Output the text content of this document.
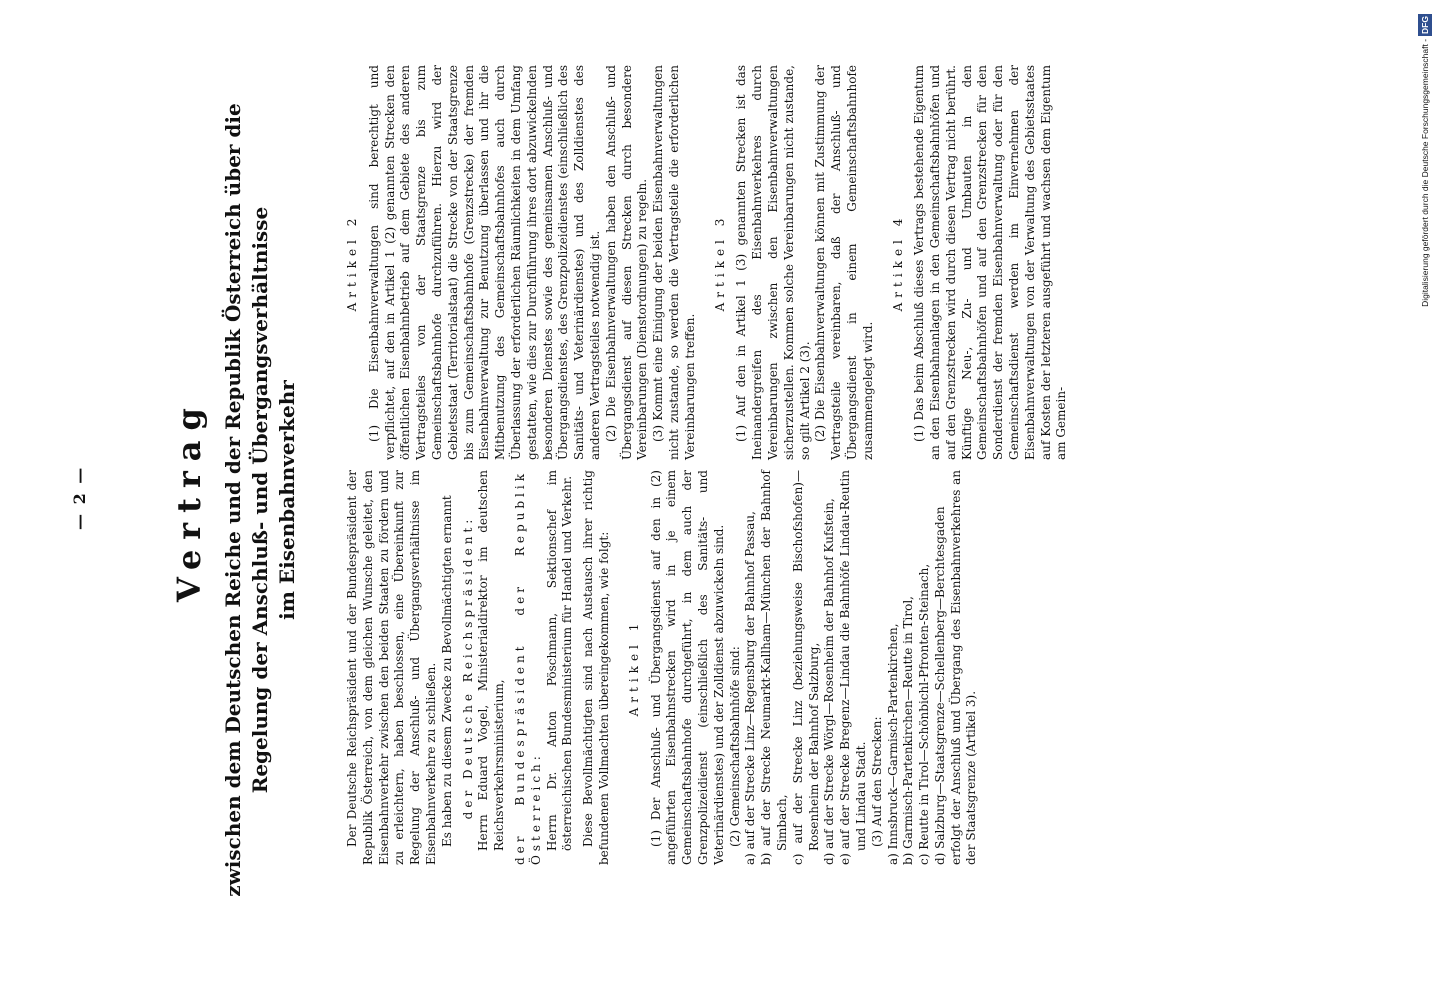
— 2 —	Vertrag zwischen dem Deutschen Reiche und der Republik Österreich über die Regelung der Anschluß- und Übergangsverhältnisse im Eisenbahnverkehr	Der Deutsche Reichspräsident und der Bundespräsident der Republik Österreich, von dem gleichen Wunsche geleitet, den Eisenbahnverkehr zwischen den beiden Staaten zu fördern und zu erleichtern, haben beschlossen, eine Übereinkunft zur Regelung der Anschluß- und Übergangsverhältnisse im Eisenbahnverkehre zu schließen. Es haben zu diesem Zwecke zu Bevollmächtigten ernannt der Deutsche Reichspräsident: Herrn Eduard Vogel, Ministerialdirektor im deutschen Reichsverkehrsministerium, der Bundespräsident der Republik Österreich: Herrn Dr. Anton Pöschmann, Sektionschef im österreichischen Bundesministerium für Handel und Verkehr. Diese Bevollmächtigten sind nach Austausch ihrer richtig befundenen Vollmachten übereingekommen, wie folgt: Artikel 1 (1) Der Anschluß- und Übergangsdienst auf den in (2) angeführten Eisenbahnstrecken wird in je einem Gemeinschaftsbahnhofe durchgeführt, in dem auch der Grenzpolizeidienst (einschließlich des Sanitäts- und Veterinärdienstes) und der Zolldienst abzuwickeln sind. (2) Gemeinschaftsbahnhöfe sind: a) auf der Strecke Linz—Regensburg der Bahnhof Passau, b) auf der Strecke Neumarkt-Kallham—München der Bahnhof Simbach, c) auf der Strecke Linz (beziehungsweise Bischofshofen)—Rosenheim der Bahnhof Salzburg, d) auf der Strecke Wörgl—Rosenheim der Bahnhof Kufstein, e) auf der Strecke Bregenz—Lindau die Bahnhöfe Lindau-Reutin und Lindau Stadt. (3) Auf den Strecken: a) Innsbruck—Garmisch-Partenkirchen, b) Garmisch-Partenkirchen—Reutte in Tirol, c) Reutte in Tirol—Schönbichl-Pfronten-Steinach, d) Salzburg—Staatsgrenze—Schellenberg—Berchtesgaden erfolgt der Anschluß und Übergang des Eisenbahnverkehres an der Staatsgrenze (Artikel 3).

Artikel 2 (1) Die Eisenbahnverwaltungen sind berechtigt und verpflichtet, auf den in Artikel 1 (2) genannten Strecken den öffentlichen Eisenbahnbetrieb auf dem Gebiete des anderen Vertragsteiles von der Staatsgrenze bis zum Gemeinschaftsbahnhofe durchzuführen. Hierzu wird der Gebietsstaat (Territorialstaat) die Strecke von der Staatsgrenze bis zum Gemeinschaftsbahnhofe (Grenzstrecke) der fremden Eisenbahnverwaltung zur Benutzung überlassen und ihr die Mitbenutzung des Gemeinschaftsbahnhofes auch durch Überlassung der erforderlichen Räumlichkeiten in dem Umfang gestatten, wie dies zur Durchführung ihres dort abzuwickelnden besonderen Dienstes sowie des gemeinsamen Anschluß- und Übergangsdienstes, des Grenzpolizeidienstes (einschließlich des Sanitäts- und Veterinärdienstes) und des Zolldienstes des anderen Vertragsteiles notwendig ist. (2) Die Eisenbahnverwaltungen haben den Anschluß- und Übergangsdienst auf diesen Strecken durch besondere Vereinbarungen (Dienstordnungen) zu regeln. (3) Kommt eine Einigung der beiden Eisenbahnverwaltungen nicht zustande, so werden die Vertragsteile die erforderlichen Vereinbarungen treffen.

Artikel 3 (1) Auf den in Artikel 1 (3) genannten Strecken ist das Ineinandergreifen des Eisenbahnverkehres durch Vereinbarungen zwischen den Eisenbahnverwaltungen sicherzustellen. Kommen solche Vereinbarungen nicht zustande, so gilt Artikel 2 (3). (2) Die Eisenbahnverwaltungen können mit Zustimmung der Vertragsteile vereinbaren, daß der Anschluß- und Übergangsdienst in einem Gemeinschaftsbahnhofe zusammengelegt wird.

Artikel 4 (1) Das beim Abschluß dieses Vertrags bestehende Eigentum an den Eisenbahnanlagen in den Gemeinschaftsbahnhöfen und auf den Grenzstrecken wird durch diesen Vertrag nicht berührt. Künftige Neu-, Zu- und Umbauten in den Gemeinschaftsbahnhöfen und auf den Grenzstrecken für den Sonderdienst der fremden Eisenbahnverwaltung oder für den Gemeinschaftsdienst werden im Einvernehmen der Eisenbahnverwaltungen von der Verwaltung des Gebietsstaates auf Kosten der letzteren ausgeführt und wachsen dem Eigentum am Gemein-

Digitalisierung gefördert durch die Deutsche Forschungsgemeinschaft -DFG
